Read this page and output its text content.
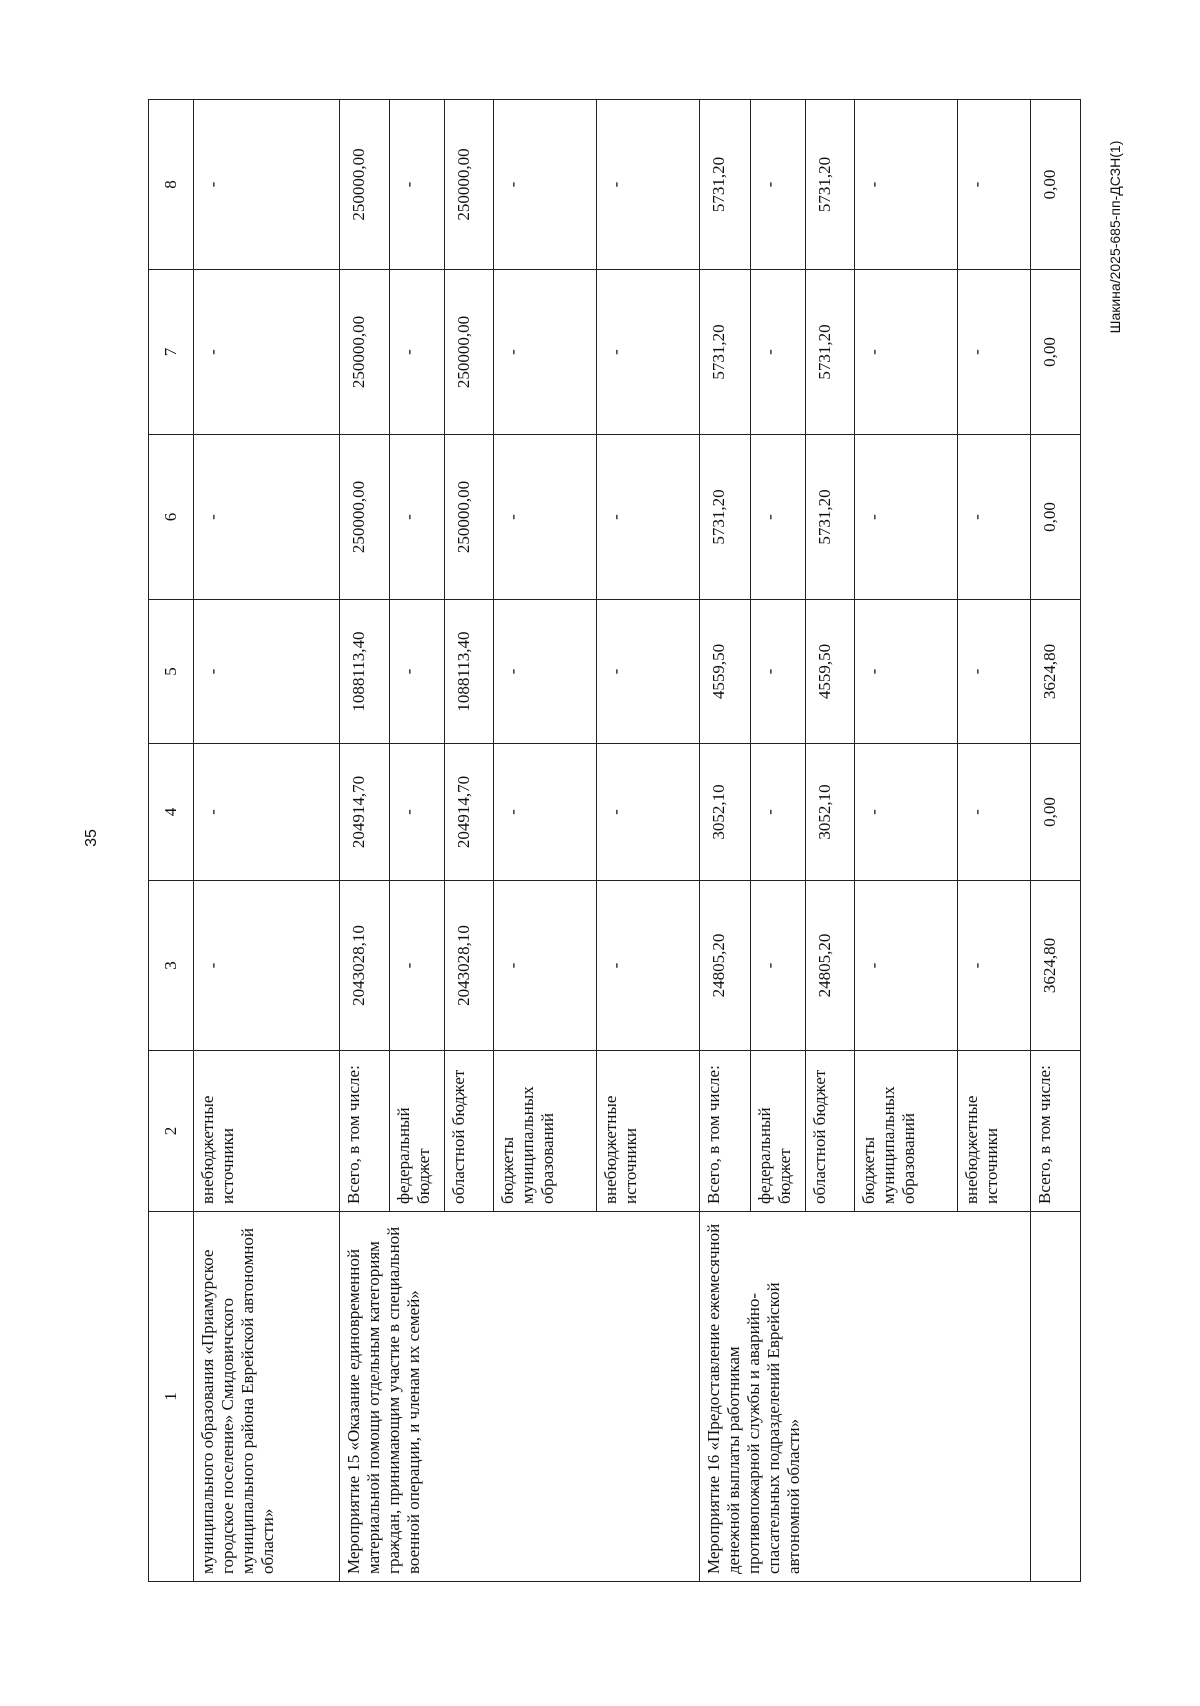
35
Шакина/2025-685-пп-ДСЗН(1)
1	2	3	4	5	6	7	8
муниципального образования «Приамурское городское поселение» Смидовичского муниципального района Еврейской автономной области»	внебюджетные источники	-	-	-	-	-	-
Мероприятие 15 «Оказание единовременной материальной помощи отдельным категориям граждан, принимающим участие в специальной военной операции, и членам их семей»	Всего, в том числе:	2043028,10	204914,70	1088113,40	250000,00	250000,00	250000,00
	федеральный бюджет	-	-	-	-	-	-
	областной бюджет	2043028,10	204914,70	1088113,40	250000,00	250000,00	250000,00
	бюджеты муниципальных образований	-	-	-	-	-	-
	внебюджетные источники	-	-	-	-	-	-
Мероприятие 16 «Предоставление ежемесячной денежной выплаты работникам противопожарной службы и аварийно-спасательных подразделений Еврейской автономной области»	Всего, в том числе:	24805,20	3052,10	4559,50	5731,20	5731,20	5731,20
	федеральный бюджет	-	-	-	-	-	-
	областной бюджет	24805,20	3052,10	4559,50	5731,20	5731,20	5731,20
	бюджеты муниципальных образований	-	-	-	-	-	-
	внебюджетные источники	-	-	-	-	-	-
	Всего, в том числе:	3624,80	0,00	3624,80	0,00	0,00	0,00
